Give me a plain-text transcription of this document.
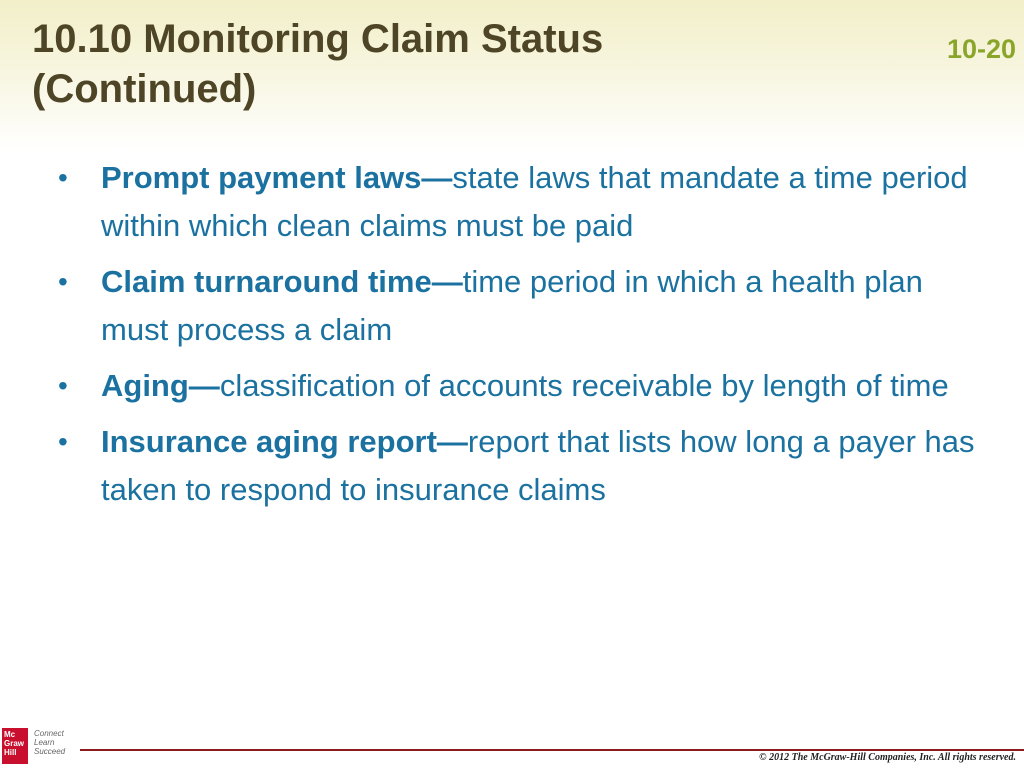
10.10 Monitoring Claim Status
(Continued)
10-20
• Prompt payment laws—state laws that mandate a time period within which clean claims must be paid
• Claim turnaround time—time period in which a health plan must process a claim
• Aging—classification of accounts receivable by length of time
• Insurance aging report—report that lists how long a payer has taken to respond to insurance claims
Mc
Graw
Hill
Connect
Learn
Succeed
© 2012 The McGraw-Hill Companies, Inc. All rights reserved.
